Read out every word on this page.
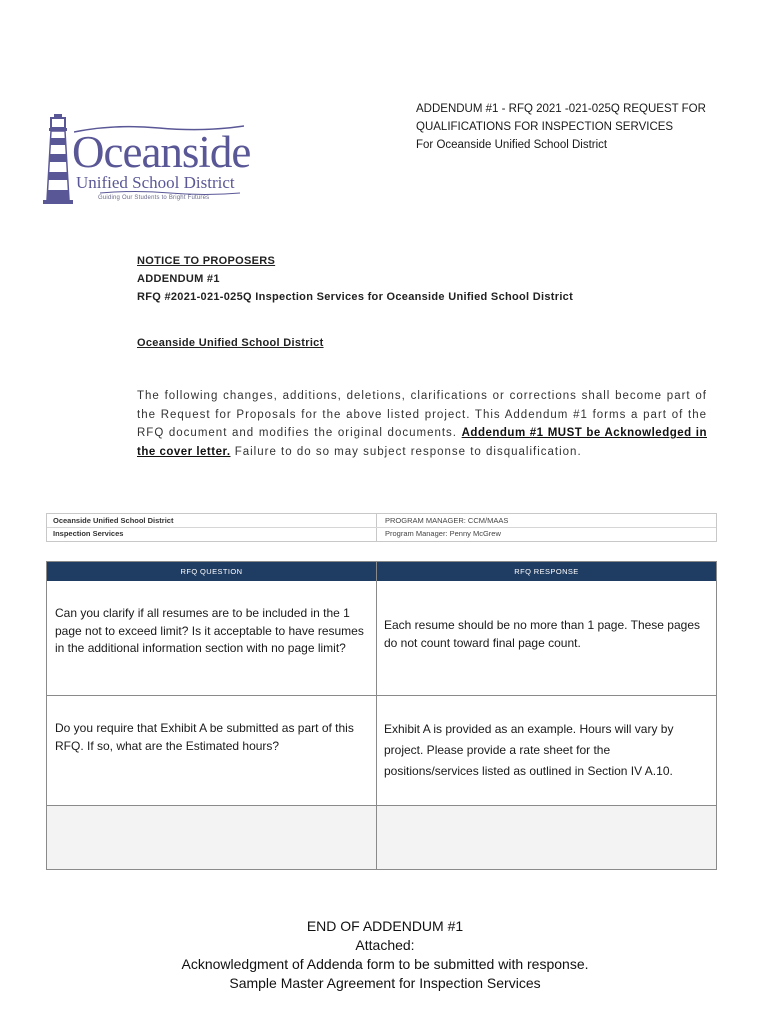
Oceanside
Unified School District
Guiding Our Students to Bright Futures
ADDENDUM #1 - RFQ 2021 -021-025Q REQUEST FOR
QUALIFICATIONS FOR INSPECTION SERVICES
For Oceanside Unified School District
NOTICE TO PROPOSERS
ADDENDUM #1
RFQ #2021-021-025Q Inspection Services for Oceanside Unified School District
Oceanside Unified School District
The following changes, additions, deletions, clarifications or corrections shall become part of the Request for Proposals for the above listed project. This Addendum #1 forms a part of the RFQ document and modifies the original documents. Addendum #1 MUST be Acknowledged in the cover letter. Failure to do so may subject response to disqualification.
Oceanside Unified School District
Inspection Services
PROGRAM MANAGER: CCM/MAAS
Program Manager: Penny McGrew
RFQ QUESTION	RFQ RESPONSE
Can you clarify if all resumes are to be included in the 1
page not to exceed limit? Is it acceptable to have resumes
in the additional information section with no page limit?
Each resume should be no more than 1 page. These pages
do not count toward final page count.
Do you require that Exhibit A be submitted as part of this
RFQ. If so, what are the Estimated hours?
Exhibit A is provided as an example. Hours will vary by
project. Please provide a rate sheet for the
positions/services listed as outlined in Section IV A.10.
END OF ADDENDUM #1
Attached:
Acknowledgment of Addenda form to be submitted with response.
Sample Master Agreement for Inspection Services
